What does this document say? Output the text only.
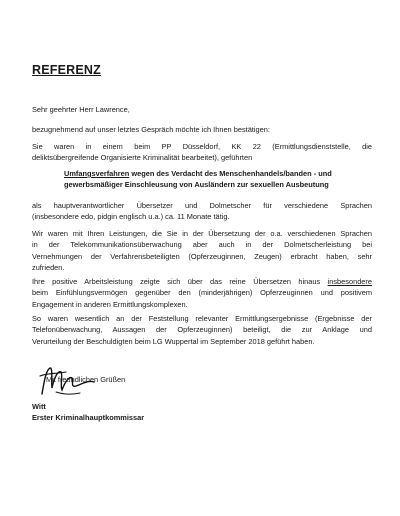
REFERENZ
Sehr geehrter Herr Lawrence,
bezugnehmend auf unser letztes Gespräch möchte ich Ihnen bestätigen:
Sie waren in einem beim PP Düsseldorf, KK 22 (Ermittlungsdienststelle, die
deliktsübergreifende Organisierte Kriminalität bearbeitet), geführten
Umfangsverfahren wegen des Verdacht des Menschenhandels/banden - und
gewerbsmäßiger Einschleusung von Ausländern zur sexuellen Ausbeutung
als hauptverantwortlicher Übersetzer und Dolmetscher für verschiedene Sprachen
(insbesondere edo, pidgin englisch u.a.) ca. 11 Monate tätig.
Wir waren mit Ihren Leistungen, die Sie in der Übersetzung der o.a. verschiedenen Sprachen
in der Telekommunikationsüberwachung aber auch in der Dolmetscherleistung bei
Vernehmungen der Verfahrensbeteiligten (Opferzeuginnen, Zeugen) erbracht haben, sehr
zufrieden.
Ihre positive Arbeitsleistung zeigte sich über das reine Übersetzen hinaus insbesondere
beim Einfühlungsvermögen gegenüber den (minderjährigen) Opferzeuginnen und positivem
Engagement in anderen Ermittlungskomplexen.
So waren wesentlich an der Feststellung relevanter Ermittlungsergebnisse (Ergebnisse der
Telefonüberwachung, Aussagen der Opferzeuginnen) beteiligt, die zur Anklage und
Verurteilung der Beschuldigten beim LG Wuppertal im September 2018 geführt haben.
Mit freundlichen Grüßen
Witt
Erster Kriminalhauptkommissar
